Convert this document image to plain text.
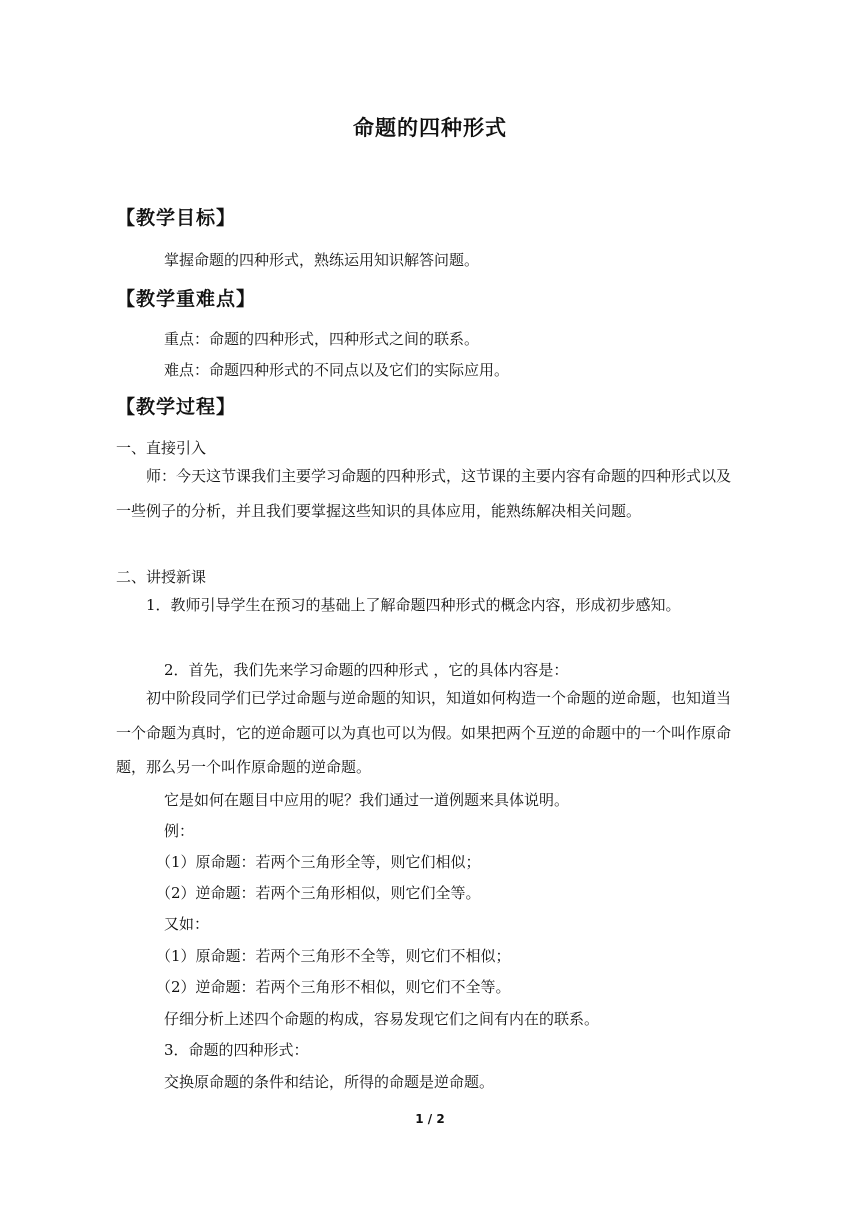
命题的四种形式
【教学目标】
掌握命题的四种形式，熟练运用知识解答问题。
【教学重难点】
重点：命题的四种形式，四种形式之间的联系。
难点：命题四种形式的不同点以及它们的实际应用。
【教学过程】
一、直接引入

师：今天这节课我们主要学习命题的四种形式，这节课的主要内容有命题的四种形式以及一些例子的分析，并且我们要掌握这些知识的具体应用，能熟练解决相关问题。

二、讲授新课

1．教师引导学生在预习的基础上了解命题四种形式的概念内容，形成初步感知。

2．首先，我们先来学习命题的四种形式 ，它的具体内容是：

初中阶段同学们已学过命题与逆命题的知识，知道如何构造一个命题的逆命题，也知道当一个命题为真时，它的逆命题可以为真也可以为假。如果把两个互逆的命题中的一个叫作原命题，那么另一个叫作原命题的逆命题。

它是如何在题目中应用的呢？我们通过一道例题来具体说明。
例：
（1）原命题：若两个三角形全等，则它们相似；
（2）逆命题：若两个三角形相似，则它们全等。
又如：
（1）原命题：若两个三角形不全等，则它们不相似；
（2）逆命题：若两个三角形不相似，则它们不全等。
仔细分析上述四个命题的构成，容易发现它们之间有内在的联系。
3．命题的四种形式：
交换原命题的条件和结论，所得的命题是逆命题。
1 / 2
